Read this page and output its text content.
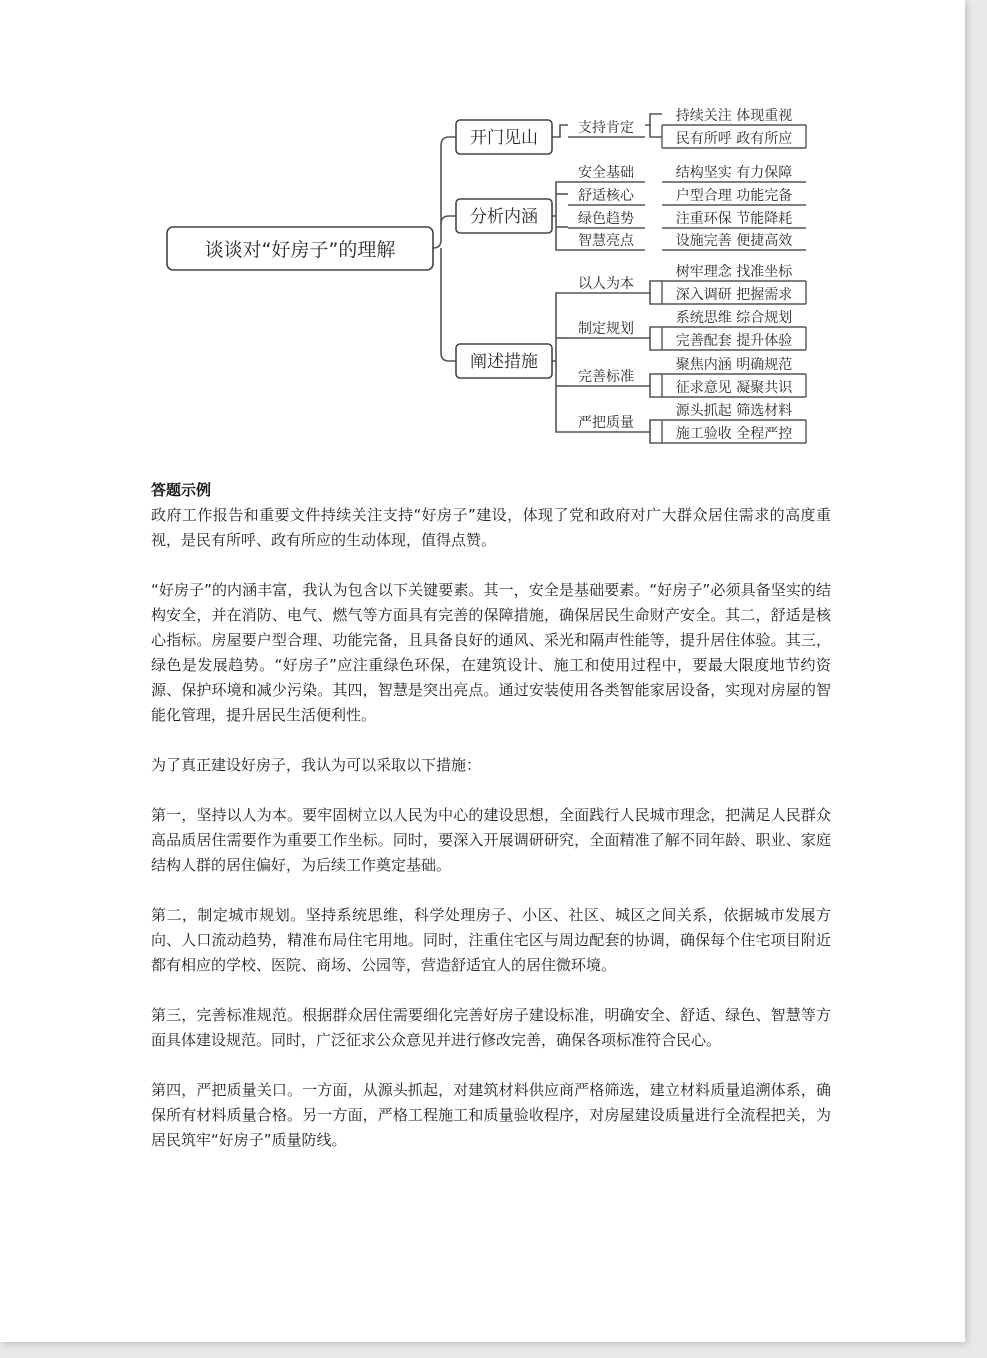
谈谈对“好房子”的理解
开门见山
分析内涵
阐述措施
支持肯定
安全基础
舒适核心
绿色趋势
智慧亮点
以人为本
制定规划
完善标准
严把质量
持续关注 体现重视
民有所呼 政有所应
结构坚实 有力保障
户型合理 功能完备
注重环保 节能降耗
设施完善 便捷高效
树牢理念 找准坐标
深入调研 把握需求
系统思维 综合规划
完善配套 提升体验
聚焦内涵 明确规范
征求意见 凝聚共识
源头抓起 筛选材料
施工验收 全程严控
答题示例

政府工作报告和重要文件持续关注支持“好房子”建设，体现了党和政府对广大群众居住需求的高度重视，是民有所呼、政有所应的生动体现，值得点赞。

“好房子”的内涵丰富，我认为包含以下关键要素。其一，安全是基础要素。“好房子”必须具备坚实的结构安全，并在消防、电气、燃气等方面具有完善的保障措施，确保居民生命财产安全。其二，舒适是核心指标。房屋要户型合理、功能完备，且具备良好的通风、采光和隔声性能等，提升居住体验。其三，绿色是发展趋势。“好房子”应注重绿色环保，在建筑设计、施工和使用过程中，要最大限度地节约资源、保护环境和减少污染。其四，智慧是突出亮点。通过安装使用各类智能家居设备，实现对房屋的智能化管理，提升居民生活便利性。

为了真正建设好房子，我认为可以采取以下措施：

第一，坚持以人为本。要牢固树立以人民为中心的建设思想，全面践行人民城市理念，把满足人民群众高品质居住需要作为重要工作坐标。同时，要深入开展调研研究，全面精准了解不同年龄、职业、家庭结构人群的居住偏好，为后续工作奠定基础。

第二，制定城市规划。坚持系统思维，科学处理房子、小区、社区、城区之间关系，依据城市发展方向、人口流动趋势，精准布局住宅用地。同时，注重住宅区与周边配套的协调，确保每个住宅项目附近都有相应的学校、医院、商场、公园等，营造舒适宜人的居住微环境。

第三，完善标准规范。根据群众居住需要细化完善好房子建设标准，明确安全、舒适、绿色、智慧等方面具体建设规范。同时，广泛征求公众意见并进行修改完善，确保各项标准符合民心。

第四，严把质量关口。一方面，从源头抓起，对建筑材料供应商严格筛选，建立材料质量追溯体系，确保所有材料质量合格。另一方面，严格工程施工和质量验收程序，对房屋建设质量进行全流程把关，为居民筑牢“好房子”质量防线。
